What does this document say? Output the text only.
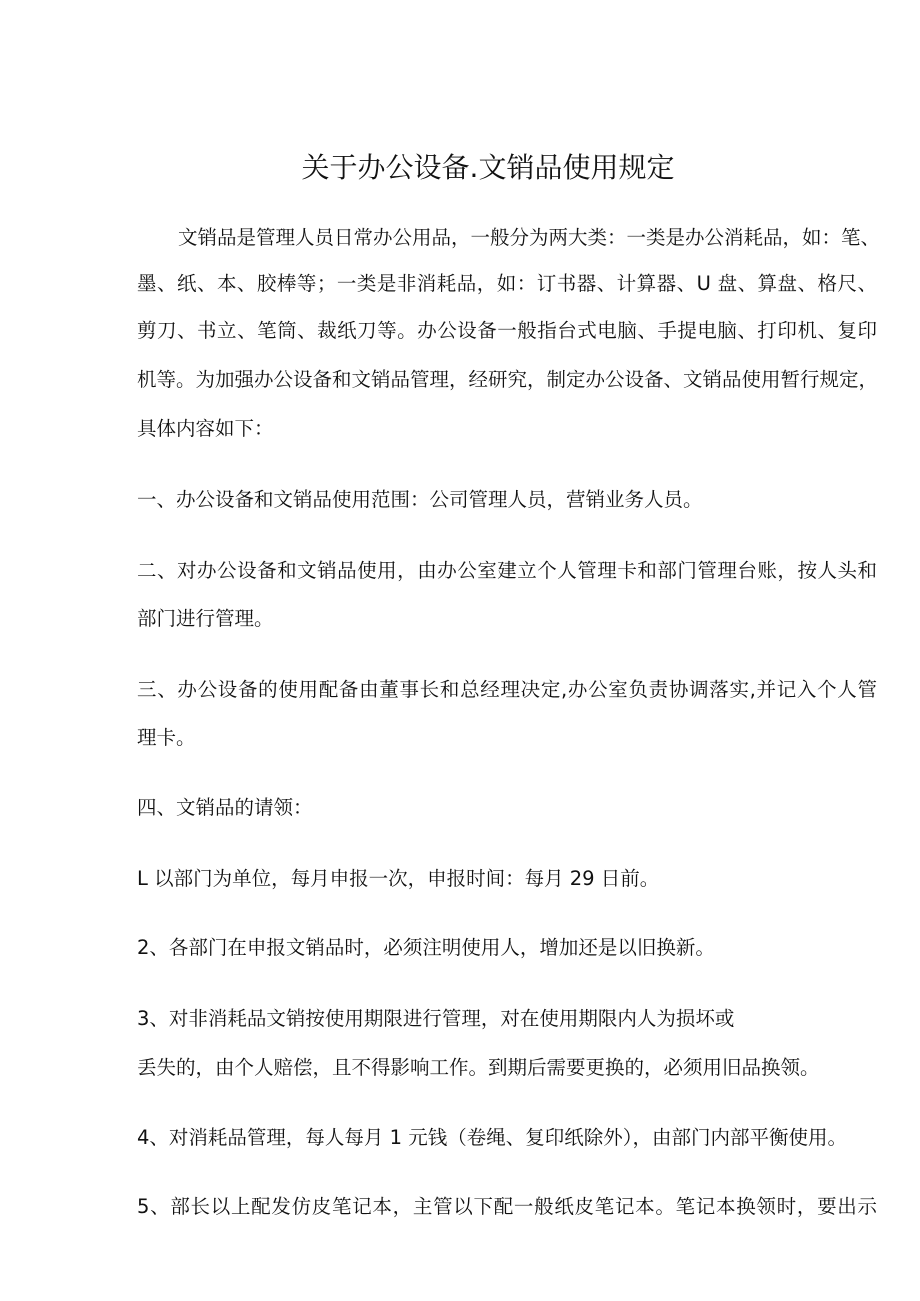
关于办公设备.文销品使用规定

文销品是管理人员日常办公用品，一般分为两大类：一类是办公消耗品，如：笔、

墨、纸、本、胶棒等；一类是非消耗品，如：订书器、计算器、U 盘、算盘、格尺、

剪刀、书立、笔筒、裁纸刀等。办公设备一般指台式电脑、手提电脑、打印机、复印

机等。为加强办公设备和文销品管理，经研究，制定办公设备、文销品使用暂行规定，

具体内容如下：

一、办公设备和文销品使用范围：公司管理人员，营销业务人员。

二、对办公设备和文销品使用，由办公室建立个人管理卡和部门管理台账，按人头和

部门进行管理。

三、办公设备的使用配备由董事长和总经理决定,办公室负责协调落实,并记入个人管

理卡。

四、文销品的请领：

L 以部门为单位，每月申报一次，申报时间：每月 29 日前。

2、各部门在申报文销品时，必须注明使用人，增加还是以旧换新。

3、对非消耗品文销按使用期限进行管理，对在使用期限内人为损坏或

丢失的，由个人赔偿，且不得影响工作。到期后需要更换的，必须用旧品换领。

4、对消耗品管理，每人每月 1 元钱（卷绳、复印纸除外），由部门内部平衡使用。

5、部长以上配发仿皮笔记本，主管以下配一般纸皮笔记本。笔记本换领时，要出示
